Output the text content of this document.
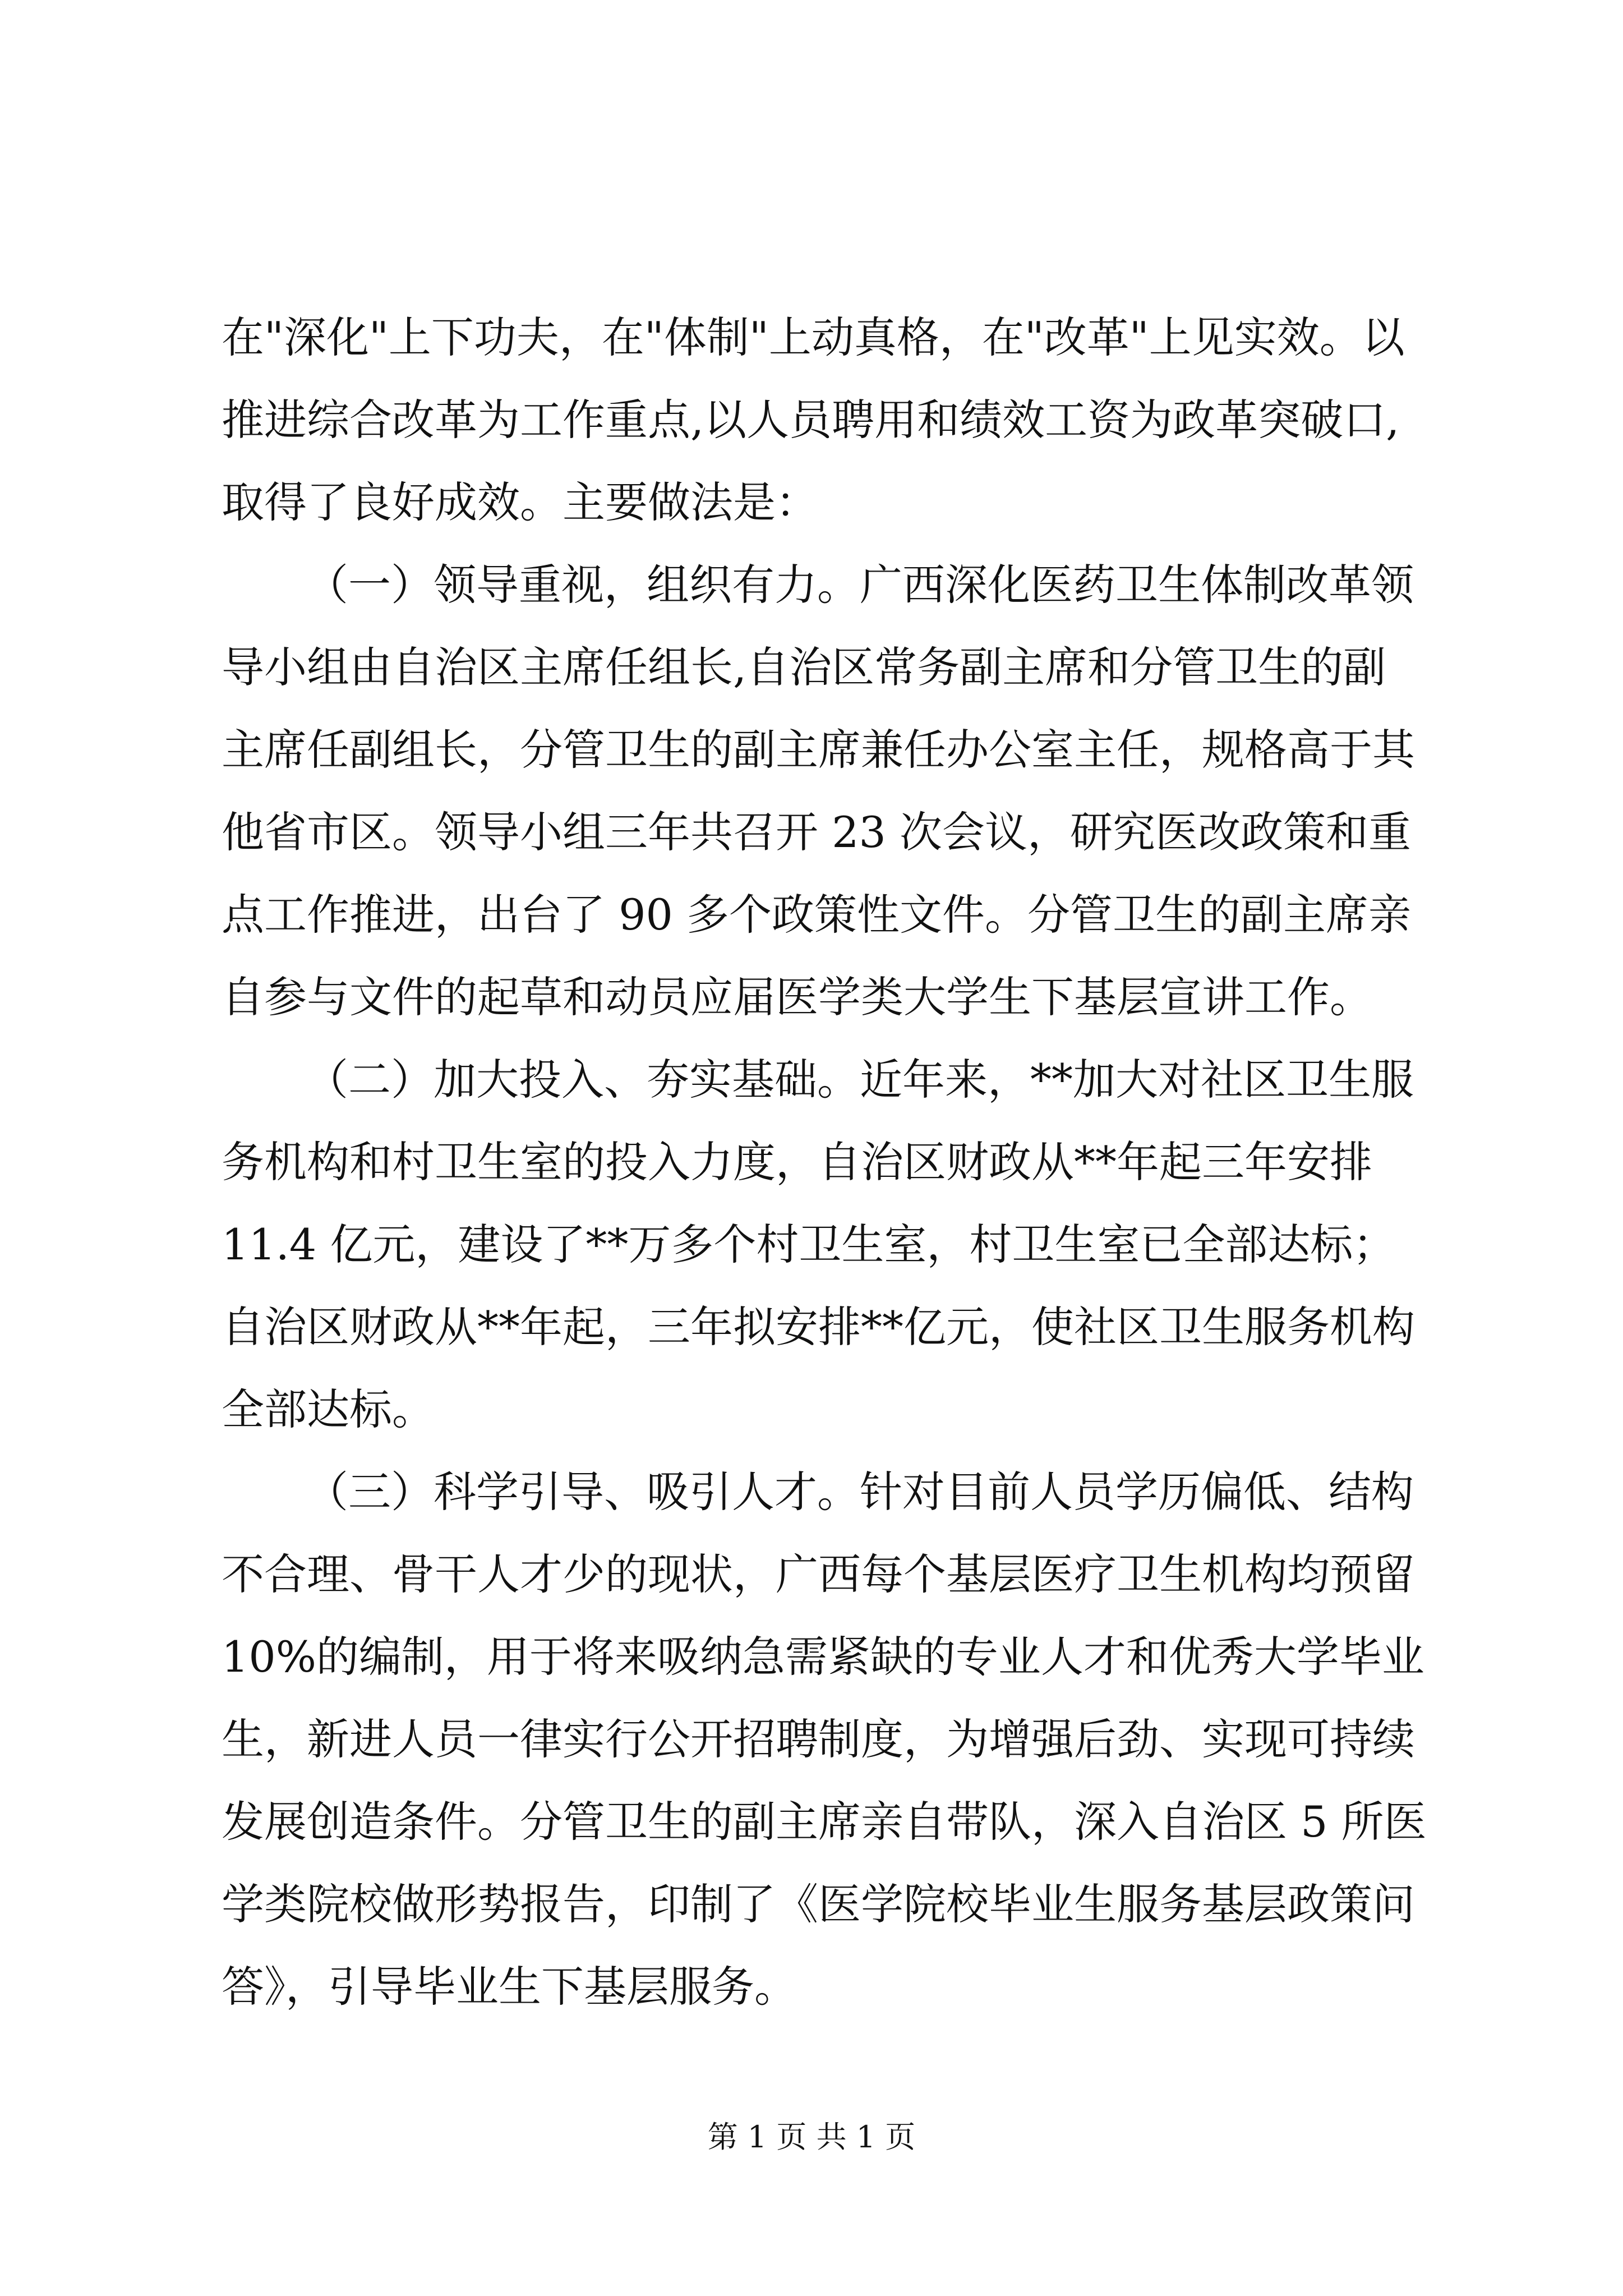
在"深化"上下功夫，在"体制"上动真格，在"改革"上见实效。以
推进综合改革为工作重点,以人员聘用和绩效工资为政革突破口,
取得了良好成效。主要做法是：
（一）领导重视，组织有力。广西深化医药卫生体制改革领
导小组由自治区主席任组长,自治区常务副主席和分管卫生的副
主席任副组长，分管卫生的副主席兼任办公室主任，规格高于其
他省市区。领导小组三年共召开 23 次会议，研究医改政策和重
点工作推进，出台了 90 多个政策性文件。分管卫生的副主席亲
自参与文件的起草和动员应届医学类大学生下基层宣讲工作。
（二）加大投入、夯实基础。近年来，**加大对社区卫生服
务机构和村卫生室的投入力度，自治区财政从**年起三年安排
11.4 亿元，建设了**万多个村卫生室，村卫生室已全部达标；
自治区财政从**年起，三年拟安排**亿元，使社区卫生服务机构
全部达标。
（三）科学引导、吸引人才。针对目前人员学历偏低、结构
不合理、骨干人才少的现状，广西每个基层医疗卫生机构均预留
10%的编制，用于将来吸纳急需紧缺的专业人才和优秀大学毕业
生，新进人员一律实行公开招聘制度，为增强后劲、实现可持续
发展创造条件。分管卫生的副主席亲自带队，深入自治区 5 所医
学类院校做形势报告，印制了《医学院校毕业生服务基层政策问
答》，引导毕业生下基层服务。
第 1 页 共 1 页
